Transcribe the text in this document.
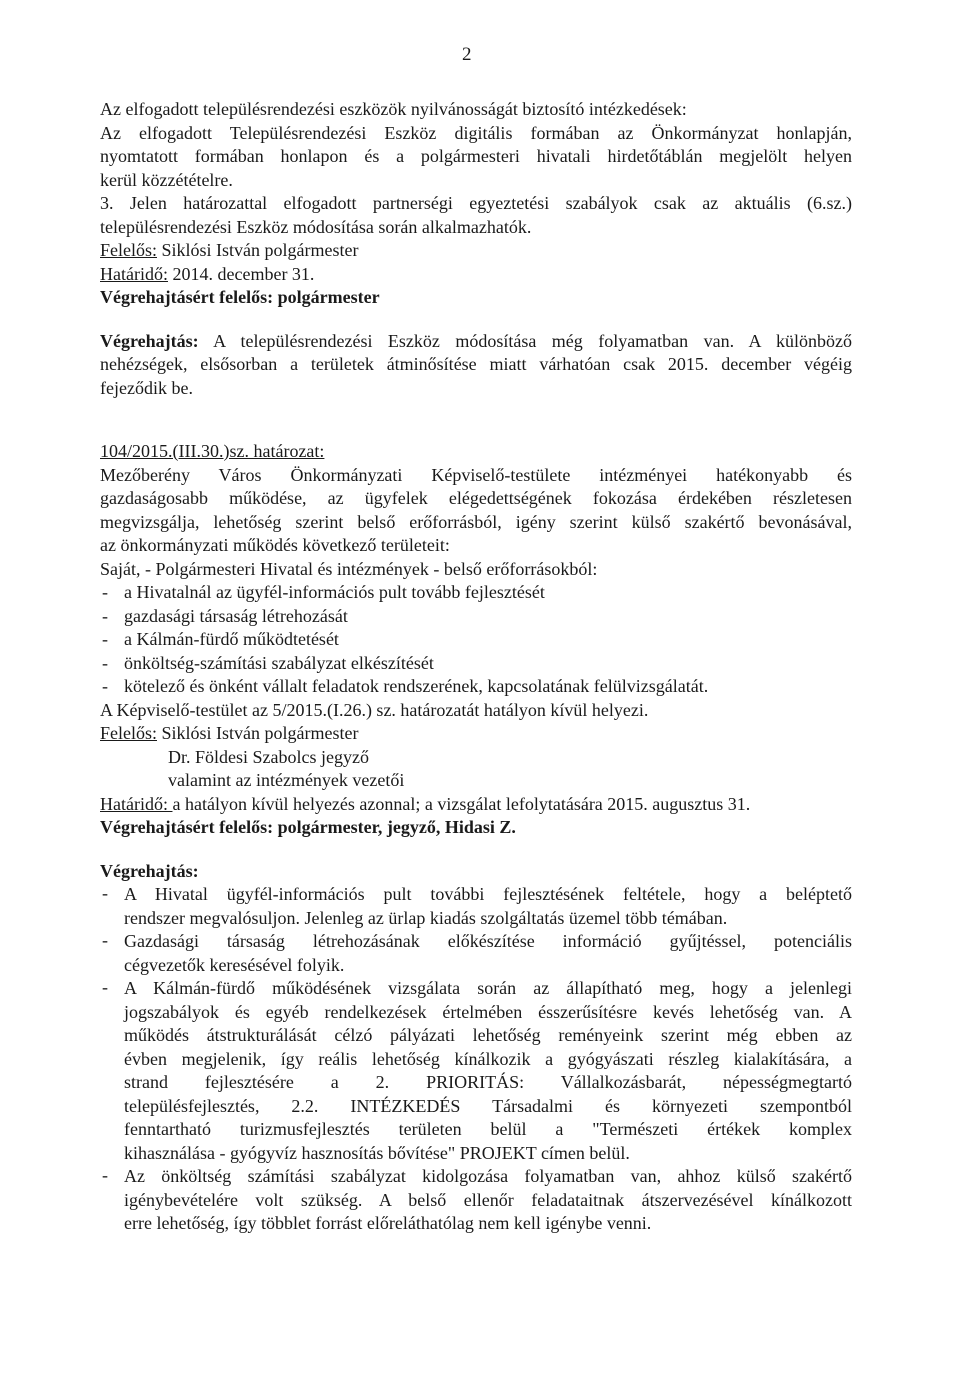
2
Az elfogadott településrendezési eszközök nyilvánosságát biztosító intézkedések:
Az elfogadott Településrendezési Eszköz digitális formában az Önkormányzat honlapján,
nyomtatott formában honlapon és a polgármesteri hivatali hirdetőtáblán megjelölt helyen
kerül közzétételre.
3. Jelen határozattal elfogadott partnerségi egyeztetési szabályok csak az aktuális (6.sz.)
településrendezési Eszköz módosítása során alkalmazhatók.
Felelős: Siklósi István polgármester
Határidő: 2014. december 31.
Végrehajtásért felelős: polgármester
Végrehajtás: A településrendezési Eszköz módosítása még folyamatban van. A különböző
nehézségek, elsősorban a területek átminősítése miatt várhatóan csak 2015. december végéig
fejeződik be.
104/2015.(III.30.)sz. határozat:
Mezőberény Város Önkormányzati Képviselő-testülete intézményei hatékonyabb és
gazdaságosabb működése, az ügyfelek elégedettségének fokozása érdekében részletesen
megvizsgálja, lehetőség szerint belső erőforrásból, igény szerint külső szakértő bevonásával,
az önkormányzati működés következő területeit:
Saját, - Polgármesteri Hivatal és intézmények - belső erőforrásokból:
- a Hivatalnál az ügyfél-információs pult tovább fejlesztését
- gazdasági társaság létrehozását
- a Kálmán-fürdő működtetését
- önköltség-számítási szabályzat elkészítését
- kötelező és önként vállalt feladatok rendszerének, kapcsolatának felülvizsgálatát.
A Képviselő-testület az 5/2015.(I.26.) sz. határozatát hatályon kívül helyezi.
Felelős: Siklósi István polgármester
Dr. Földesi Szabolcs jegyző
valamint az intézmények vezetői
Határidő: a hatályon kívül helyezés azonnal; a vizsgálat lefolytatására 2015. augusztus 31.
Végrehajtásért felelős: polgármester, jegyző, Hidasi Z.
Végrehajtás:
- A Hivatal ügyfél-információs pult további fejlesztésének feltétele, hogy a beléptető
rendszer megvalósuljon. Jelenleg az ürlap kiadás szolgáltatás üzemel több témában.
- Gazdasági társaság létrehozásának előkészítése információ gyűjtéssel, potenciális
cégvezetők keresésével folyik.
- A Kálmán-fürdő működésének vizsgálata során az állapítható meg, hogy a jelenlegi
jogszabályok és egyéb rendelkezések értelmében ésszerűsítésre kevés lehetőség van. A
működés átstrukturálását célzó pályázati lehetőség reményeink szerint még ebben az
évben megjelenik, így reális lehetőség kínálkozik a gyógyászati részleg kialakítására, a
strand fejlesztésére a 2. PRIORITÁS: Vállalkozásbarát, népességmegtartó
településfejlesztés, 2.2. INTÉZKEDÉS Társadalmi és környezeti szempontból
fenntartható turizmusfejlesztés területen belül a "Természeti értékek komplex
kihasználása - gyógyvíz hasznosítás bővítése" PROJEKT címen belül.
- Az önköltség számítási szabályzat kidolgozása folyamatban van, ahhoz külső szakértő
igénybevételére volt szükség. A belső ellenőr feladataitnak átszervezésével kínálkozott
erre lehetőség, így többlet forrást előreláthatólag nem kell igénybe venni.
